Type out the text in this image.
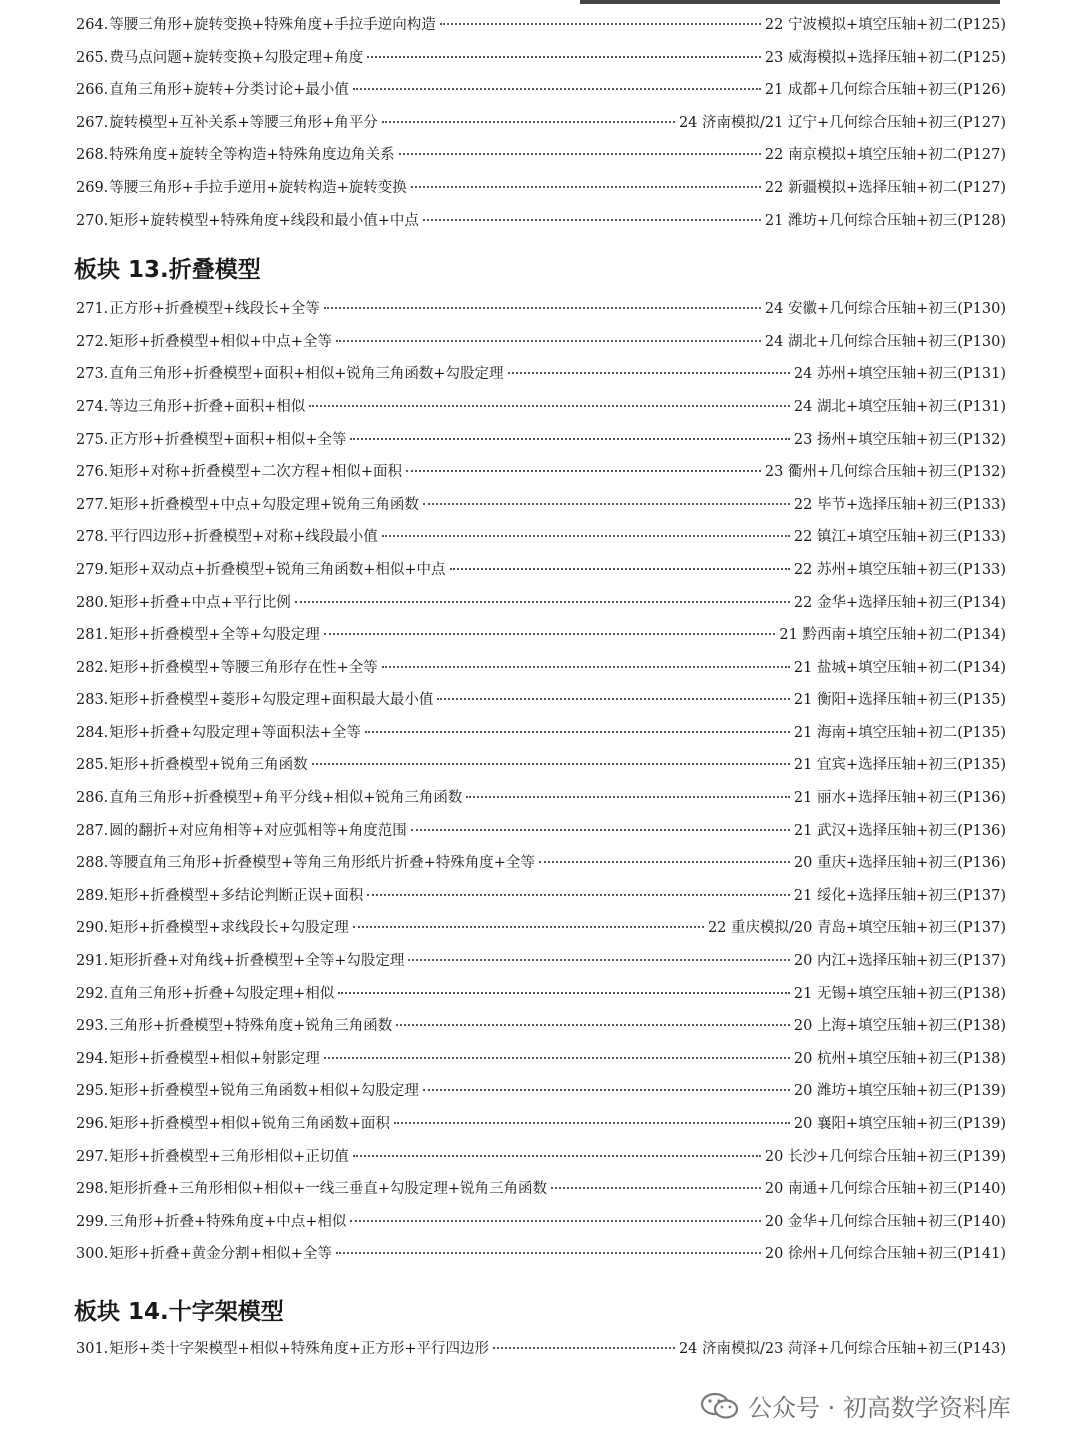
264. 等腰三角形+旋转变换+特殊角度+手拉手逆向构造	22 宁波模拟+填空压轴+初二(P125)
265. 费马点问题+旋转变换+勾股定理+角度	23 威海模拟+选择压轴+初二(P125)
266. 直角三角形+旋转+分类讨论+最小值	21 成都+几何综合压轴+初三(P126)
267. 旋转模型+互补关系+等腰三角形+角平分	24 济南模拟/21 辽宁+几何综合压轴+初三(P127)
268. 特殊角度+旋转全等构造+特殊角度边角关系	22 南京模拟+填空压轴+初二(P127)
269. 等腰三角形+手拉手逆用+旋转构造+旋转变换	22 新疆模拟+选择压轴+初二(P127)
270. 矩形+旋转模型+特殊角度+线段和最小值+中点	21 潍坊+几何综合压轴+初三(P128)
板块 13.折叠模型
271. 正方形+折叠模型+线段长+全等	24 安徽+几何综合压轴+初三(P130)
272. 矩形+折叠模型+相似+中点+全等	24 湖北+几何综合压轴+初三(P130)
273. 直角三角形+折叠模型+面积+相似+锐角三角函数+勾股定理	24 苏州+填空压轴+初三(P131)
274. 等边三角形+折叠+面积+相似	24 湖北+填空压轴+初三(P131)
275. 正方形+折叠模型+面积+相似+全等	23 扬州+填空压轴+初三(P132)
276. 矩形+对称+折叠模型+二次方程+相似+面积	23 衢州+几何综合压轴+初三(P132)
277. 矩形+折叠模型+中点+勾股定理+锐角三角函数	22 毕节+选择压轴+初三(P133)
278. 平行四边形+折叠模型+对称+线段最小值	22 镇江+填空压轴+初三(P133)
279. 矩形+双动点+折叠模型+锐角三角函数+相似+中点	22 苏州+填空压轴+初三(P133)
280. 矩形+折叠+中点+平行比例	22 金华+选择压轴+初三(P134)
281. 矩形+折叠模型+全等+勾股定理	21 黔西南+填空压轴+初二(P134)
282. 矩形+折叠模型+等腰三角形存在性+全等	21 盐城+填空压轴+初二(P134)
283. 矩形+折叠模型+菱形+勾股定理+面积最大最小值	21 衡阳+选择压轴+初三(P135)
284. 矩形+折叠+勾股定理+等面积法+全等	21 海南+填空压轴+初二(P135)
285. 矩形+折叠模型+锐角三角函数	21 宜宾+选择压轴+初三(P135)
286. 直角三角形+折叠模型+角平分线+相似+锐角三角函数	21 丽水+选择压轴+初三(P136)
287. 圆的翻折+对应角相等+对应弧相等+角度范围	21 武汉+选择压轴+初三(P136)
288. 等腰直角三角形+折叠模型+等角三角形纸片折叠+特殊角度+全等	20 重庆+选择压轴+初三(P136)
289. 矩形+折叠模型+多结论判断正误+面积	21 绥化+选择压轴+初三(P137)
290. 矩形+折叠模型+求线段长+勾股定理	22 重庆模拟/20 青岛+填空压轴+初三(P137)
291. 矩形折叠+对角线+折叠模型+全等+勾股定理	20 内江+选择压轴+初三(P137)
292. 直角三角形+折叠+勾股定理+相似	21 无锡+填空压轴+初三(P138)
293. 三角形+折叠模型+特殊角度+锐角三角函数	20 上海+填空压轴+初三(P138)
294. 矩形+折叠模型+相似+射影定理	20 杭州+填空压轴+初三(P138)
295. 矩形+折叠模型+锐角三角函数+相似+勾股定理	20 潍坊+填空压轴+初三(P139)
296. 矩形+折叠模型+相似+锐角三角函数+面积	20 襄阳+填空压轴+初三(P139)
297. 矩形+折叠模型+三角形相似+正切值	20 长沙+几何综合压轴+初三(P139)
298. 矩形折叠+三角形相似+相似+一线三垂直+勾股定理+锐角三角函数	20 南通+几何综合压轴+初三(P140)
299. 三角形+折叠+特殊角度+中点+相似	20 金华+几何综合压轴+初三(P140)
300. 矩形+折叠+黄金分割+相似+全等	20 徐州+几何综合压轴+初三(P141)
板块 14.十字架模型
301. 矩形+类十字架模型+相似+特殊角度+正方形+平行四边形	24 济南模拟/23 菏泽+几何综合压轴+初三(P143)
公众号 · 初高数学资料库
